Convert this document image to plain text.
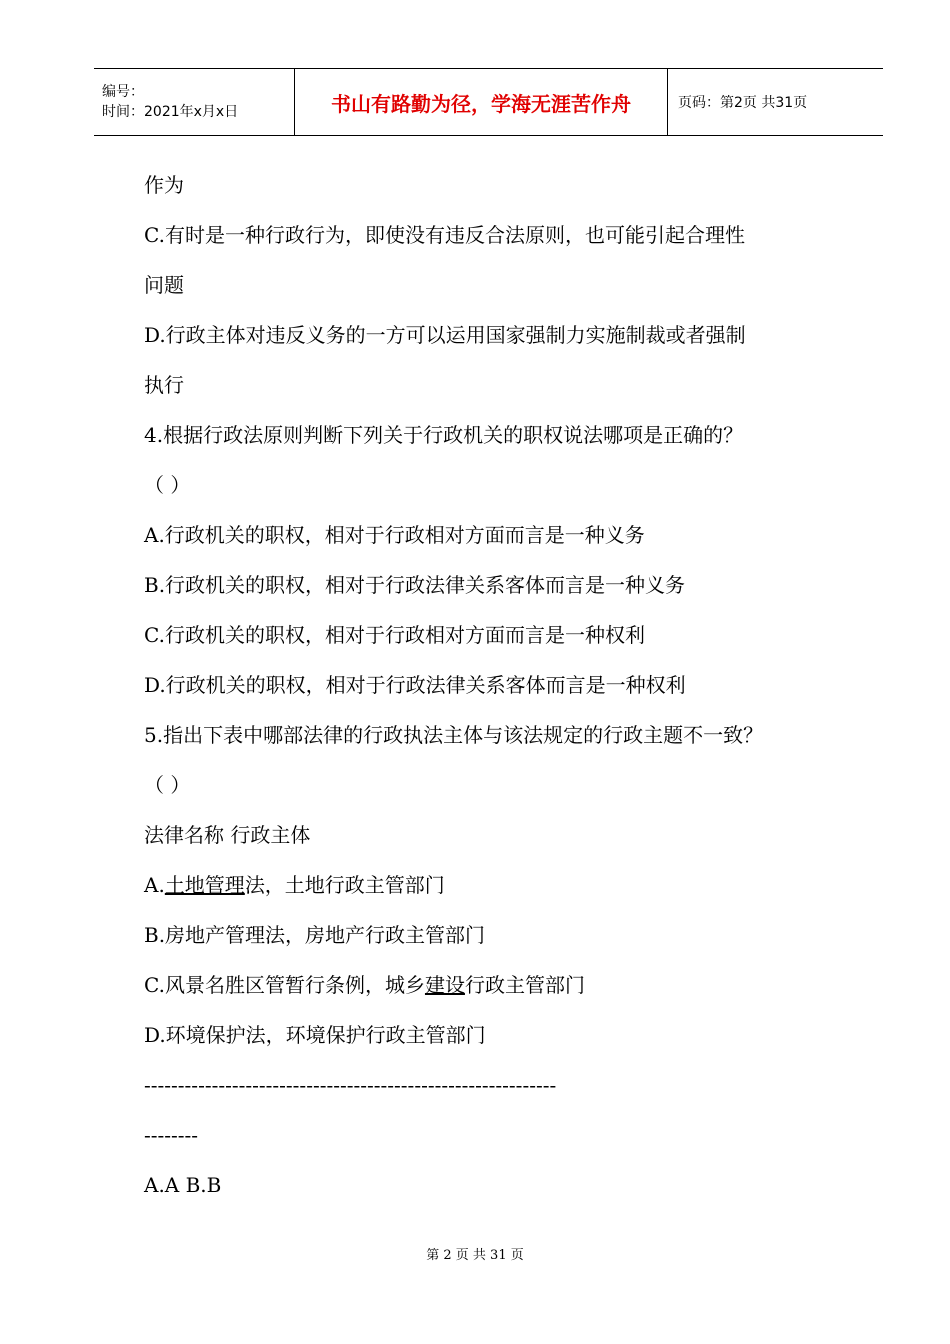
编号：
时间：2021年x月x日	书山有路勤为径，学海无涯苦作舟	页码：第2页 共31页
作为
C.有时是一种行政行为，即使没有违反合法原则，也可能引起合理性
问题
D.行政主体对违反义务的一方可以运用国家强制力实施制裁或者强制
执行
4.根据行政法原则判断下列关于行政机关的职权说法哪项是正确的？
（ ）
A.行政机关的职权，相对于行政相对方面而言是一种义务
B.行政机关的职权，相对于行政法律关系客体而言是一种义务
C.行政机关的职权，相对于行政相对方面而言是一种权利
D.行政机关的职权，相对于行政法律关系客体而言是一种权利
5.指出下表中哪部法律的行政执法主体与该法规定的行政主题不一致？
（ ）
法律名称 行政主体
A.土地管理法，土地行政主管部门
B.房地产管理法，房地产行政主管部门
C.风景名胜区管暂行条例，城乡建设行政主管部门
D.环境保护法，环境保护行政主管部门
-------------------------------------------------------------
--------
A.A B.B
第 2 页 共 31 页
